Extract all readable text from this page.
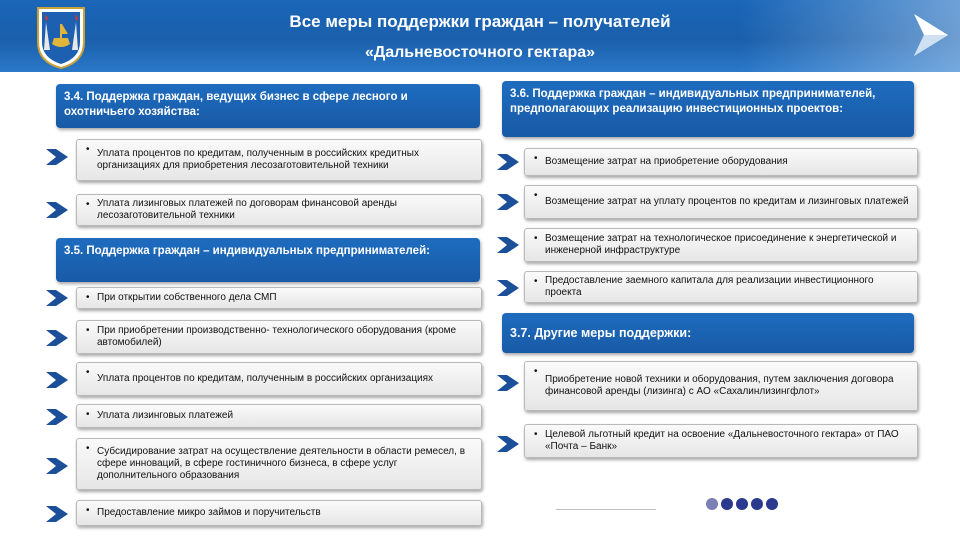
Все меры поддержки граждан – получателей
«Дальневосточного гектара»
3.4. Поддержка граждан, ведущих бизнес в сфере лесного и охотничьего хозяйства:
• Уплата процентов по кредитам, полученным в российских кредитных организациях для приобретения лесозаготовительной техники
• Уплата лизинговых платежей по договорам финансовой аренды лесозаготовительной техники
3.5. Поддержка граждан – индивидуальных предпринимателей:
• При открытии собственного дела СМП
• При приобретении производственно- технологического оборудования (кроме автомобилей)
•
Уплата процентов по кредитам, полученным в российских организациях
• Уплата лизинговых платежей
• Субсидирование затрат на осуществление деятельности в области ремесел, в сфере инноваций, в сфере гостиничного бизнеса, в сфере услуг дополнительного образования
• Предоставление микро займов и поручительств
3.6. Поддержка граждан – индивидуальных предпринимателей, предполагающих реализацию инвестиционных проектов:
• Возмещение затрат на приобретение оборудования
•
Возмещение затрат на уплату процентов по кредитам и лизинговых платежей
• Возмещение затрат на технологическое присоединение к энергетической и инженерной инфраструктуре
• Предоставление заемного капитала для реализации инвестиционного проекта
3.7. Другие меры поддержки:
•
Приобретение новой техники и оборудования, путем заключения договора финансовой аренды (лизинга) с АО «Сахалинлизингфлот»
• Целевой льготный кредит на освоение «Дальневосточного гектара» от ПАО «Почта – Банк»
